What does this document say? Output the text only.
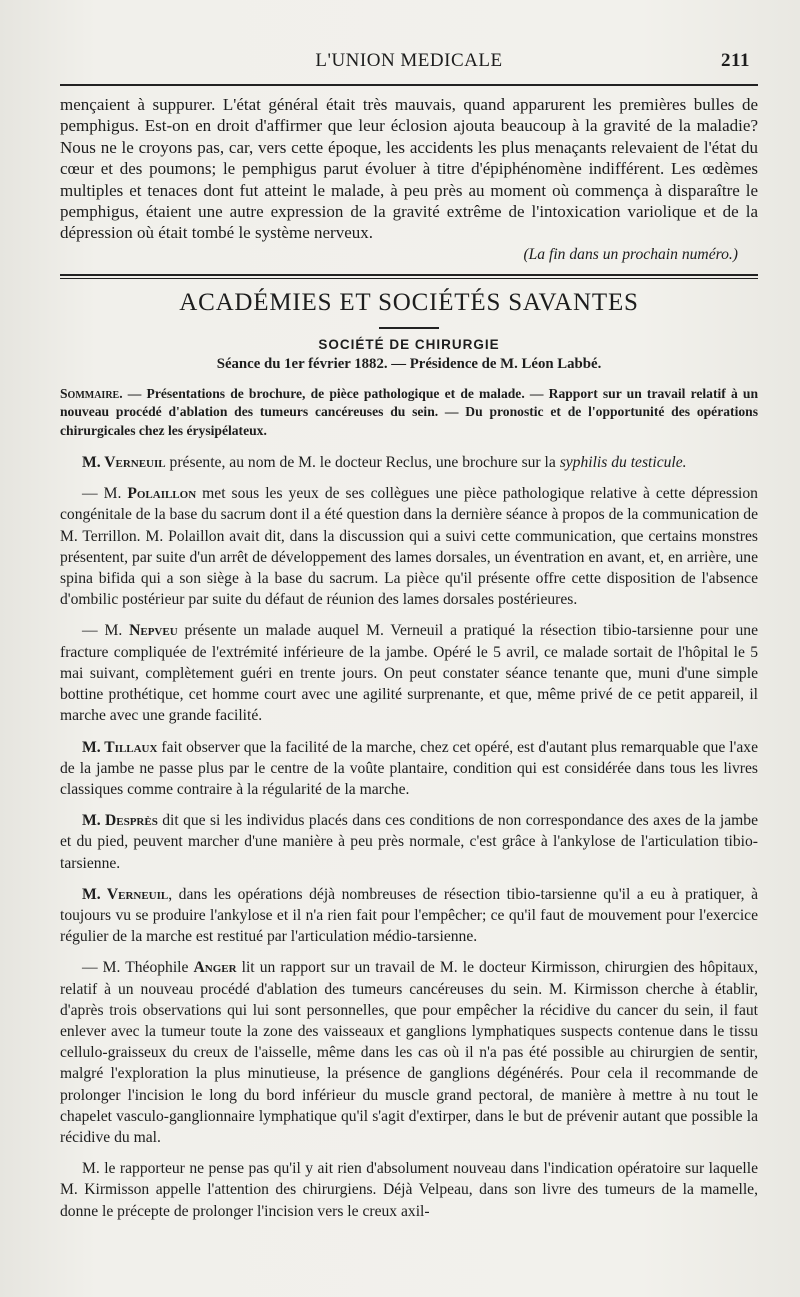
L'UNION MEDICALE	211

mençaient à suppurer. L'état général était très mauvais, quand apparurent les premières bulles de pemphigus. Est-on en droit d'affirmer que leur éclosion ajouta beaucoup à la gravité de la maladie? Nous ne le croyons pas, car, vers cette époque, les accidents les plus menaçants relevaient de l'état du cœur et des poumons; le pemphigus parut évoluer à titre d'épiphénomène indifférent. Les œdèmes multiples et tenaces dont fut atteint le malade, à peu près au moment où commença à disparaître le pemphigus, étaient une autre expression de la gravité extrême de l'intoxication variolique et de la dépression où était tombé le système nerveux.

(La fin dans un prochain numéro.)
ACADÉMIES ET SOCIÉTÉS SAVANTES
SOCIÉTÉ DE CHIRURGIE
Séance du 1er février 1882. — Présidence de M. Léon Labbé.

Sommaire. — Présentations de brochure, de pièce pathologique et de malade. — Rapport sur un travail relatif à un nouveau procédé d'ablation des tumeurs cancéreuses du sein. — Du pronostic et de l'opportunité des opérations chirurgicales chez les érysipélateux.

M. Verneuil présente, au nom de M. le docteur Reclus, une brochure sur la syphilis du testicule.

— M. Polaillon met sous les yeux de ses collègues une pièce pathologique relative à cette dépression congénitale de la base du sacrum dont il a été question dans la dernière séance à propos de la communication de M. Terrillon. M. Polaillon avait dit, dans la discussion qui a suivi cette communication, que certains monstres présentent, par suite d'un arrêt de développement des lames dorsales, un éventration en avant, et, en arrière, une spina bifida qui a son siège à la base du sacrum. La pièce qu'il présente offre cette disposition de l'absence d'ombilic postérieur par suite du défaut de réunion des lames dorsales postérieures.

— M. Nepveu présente un malade auquel M. Verneuil a pratiqué la résection tibio-tarsienne pour une fracture compliquée de l'extrémité inférieure de la jambe. Opéré le 5 avril, ce malade sortait de l'hôpital le 5 mai suivant, complètement guéri en trente jours. On peut constater séance tenante que, muni d'une simple bottine prothétique, cet homme court avec une agilité surprenante, et que, même privé de ce petit appareil, il marche avec une grande facilité.

M. Tillaux fait observer que la facilité de la marche, chez cet opéré, est d'autant plus remarquable que l'axe de la jambe ne passe plus par le centre de la voûte plantaire, condition qui est considérée dans tous les livres classiques comme contraire à la régularité de la marche.

M. Desprès dit que si les individus placés dans ces conditions de non correspondance des axes de la jambe et du pied, peuvent marcher d'une manière à peu près normale, c'est grâce à l'ankylose de l'articulation tibio-tarsienne.

M. Verneuil, dans les opérations déjà nombreuses de résection tibio-tarsienne qu'il a eu à pratiquer, à toujours vu se produire l'ankylose et il n'a rien fait pour l'empêcher; ce qu'il faut de mouvement pour l'exercice régulier de la marche est restitué par l'articulation médio-tarsienne.

— M. Théophile Anger lit un rapport sur un travail de M. le docteur Kirmisson, chirurgien des hôpitaux, relatif à un nouveau procédé d'ablation des tumeurs cancéreuses du sein. M. Kirmisson cherche à établir, d'après trois observations qui lui sont personnelles, que pour empêcher la récidive du cancer du sein, il faut enlever avec la tumeur toute la zone des vaisseaux et ganglions lymphatiques suspects contenue dans le tissu cellulo-graisseux du creux de l'aisselle, même dans les cas où il n'a pas été possible au chirurgien de sentir, malgré l'exploration la plus minutieuse, la présence de ganglions dégénérés. Pour cela il recommande de prolonger l'incision le long du bord inférieur du muscle grand pectoral, de manière à mettre à nu tout le chapelet vasculo-ganglionnaire lymphatique qu'il s'agit d'extirper, dans le but de prévenir autant que possible la récidive du mal.

M. le rapporteur ne pense pas qu'il y ait rien d'absolument nouveau dans l'indication opératoire sur laquelle M. Kirmisson appelle l'attention des chirurgiens. Déjà Velpeau, dans son livre des tumeurs de la mamelle, donne le précepte de prolonger l'incision vers le creux axil-
